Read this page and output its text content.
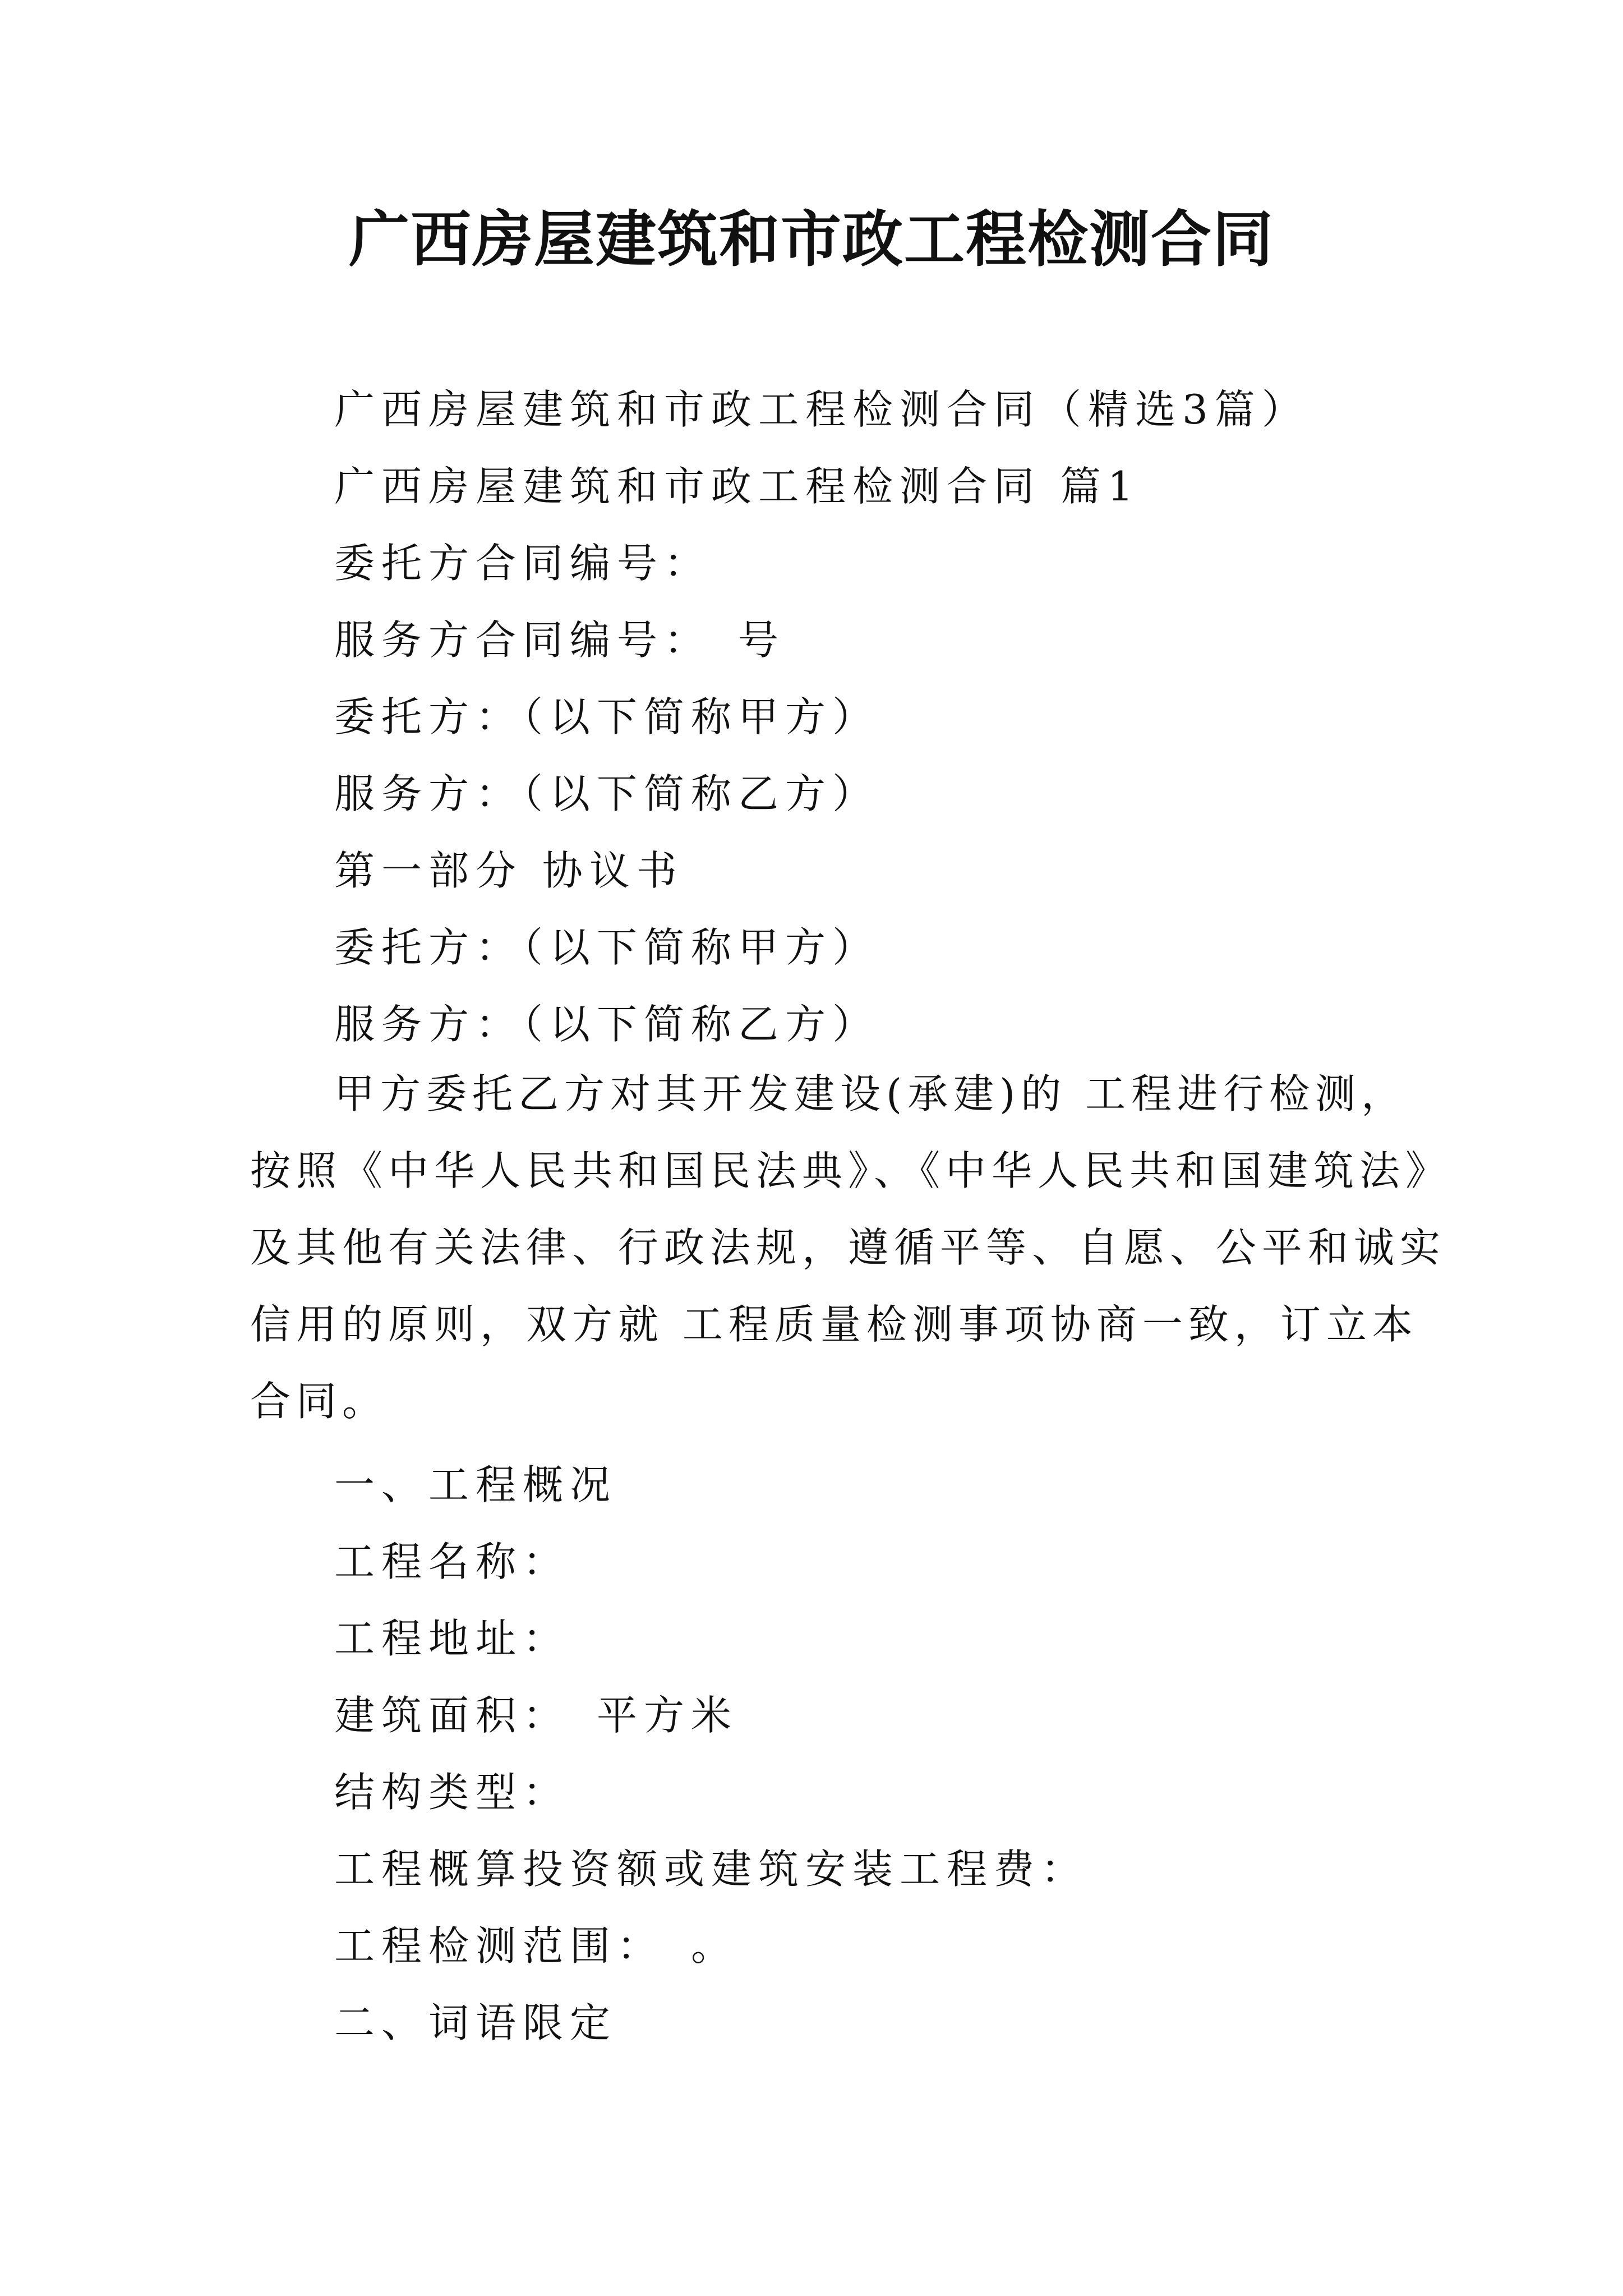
广西房屋建筑和市政工程检测合同
广西房屋建筑和市政工程检测合同（精选3篇）
广西房屋建筑和市政工程检测合同 篇1
委托方合同编号：
服务方合同编号：　号
委托方：（以下简称甲方）
服务方：（以下简称乙方）
第一部分 协议书
委托方：（以下简称甲方）
服务方：（以下简称乙方）
甲方委托乙方对其开发建设(承建)的 工程进行检测，
按照《中华人民共和国民法典》、《中华人民共和国建筑法》
及其他有关法律、行政法规，遵循平等、自愿、公平和诚实
信用的原则，双方就 工程质量检测事项协商一致，订立本
合同。
一、工程概况
工程名称：
工程地址：
建筑面积：　平方米
结构类型：
工程概算投资额或建筑安装工程费：
工程检测范围：　。
二、词语限定
